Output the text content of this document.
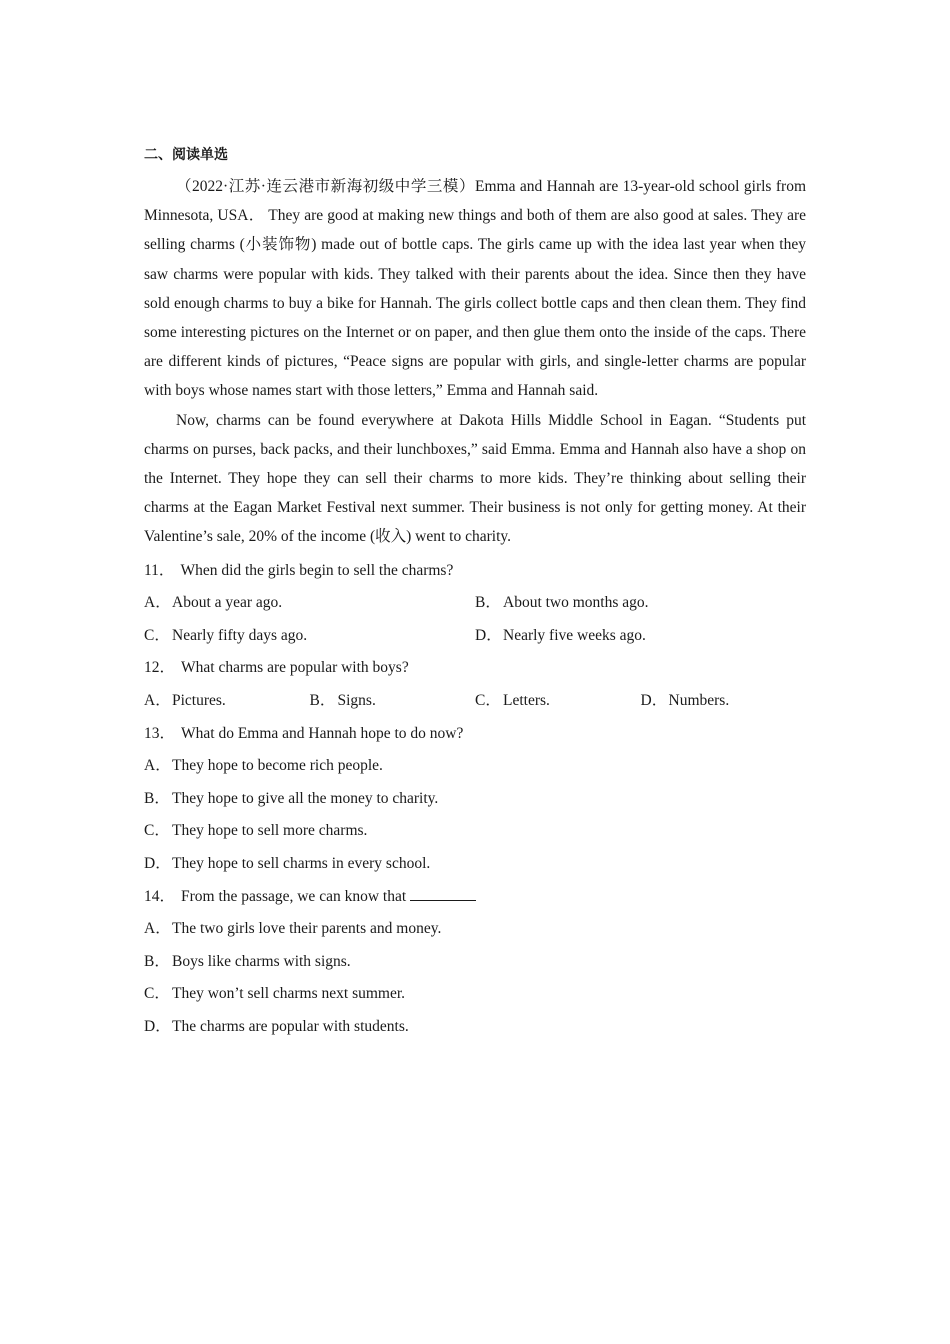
二、阅读单选

（2022·江苏·连云港市新海初级中学三模）Emma and Hannah are 13-year-old school girls from Minnesota, USA． They are good at making new things and both of them are also good at sales. They are selling charms (小装饰物) made out of bottle caps. The girls came up with the idea last year when they saw charms were popular with kids. They talked with their parents about the idea. Since then they have sold enough charms to buy a bike for Hannah. The girls collect bottle caps and then clean them. They find some interesting pictures on the Internet or on paper, and then glue them onto the inside of the caps. There are different kinds of pictures, “Peace signs are popular with girls, and single-letter charms are popular with boys whose names start with those letters,” Emma and Hannah said.

Now, charms can be found everywhere at Dakota Hills Middle School in Eagan. “Students put charms on purses, back packs, and their lunchboxes,” said Emma. Emma and Hannah also have a shop on the Internet. They hope they can sell their charms to more kids. They’re thinking about selling their charms at the Eagan Market Festival next summer. Their business is not only for getting money. At their Valentine’s sale, 20% of the income (收入) went to charity.

11． When did the girls begin to sell the charms?
A．About a year ago.	B． About two months ago.
C． Nearly fifty days ago.	D．Nearly five weeks ago.
12． What charms are popular with boys?
A．Pictures.	B． Signs.	C． Letters.	D．Numbers.
13． What do Emma and Hannah hope to do now?
A．They hope to become rich people.
B． They hope to give all the money to charity.
C． They hope to sell more charms.
D．They hope to sell charms in every school.
14． From the passage, we can know that
A．The two girls love their parents and money.
B． Boys like charms with signs.
C． They won’t sell charms next summer.
D．The charms are popular with students.
